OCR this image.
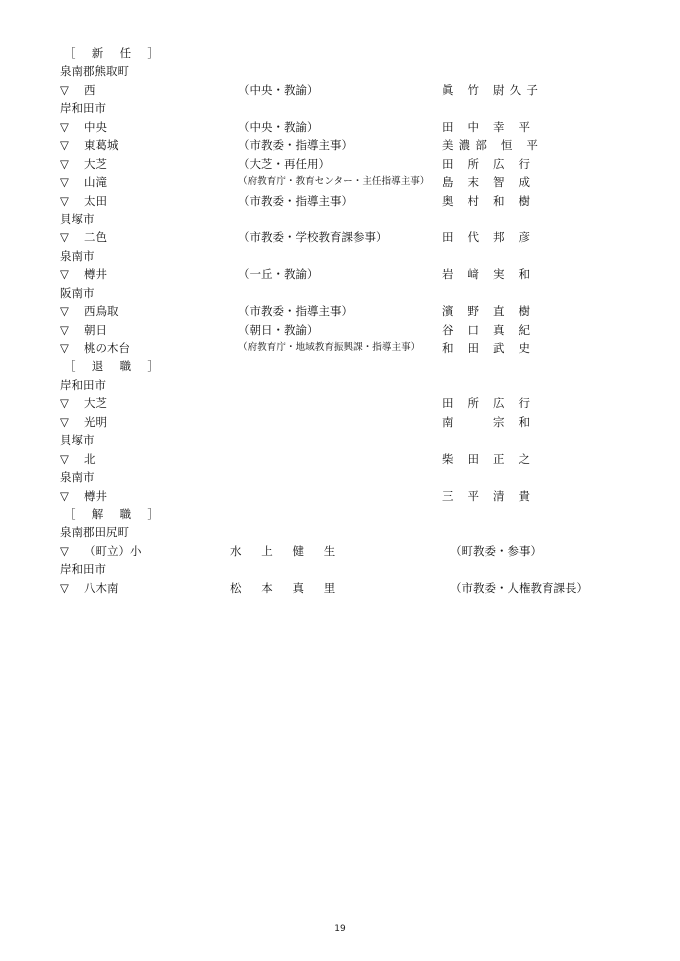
［ 新 任 ］
泉南郡熊取町
▽ 西	（中央・教諭）	眞 竹 尉久子
岸和田市
▽ 中央	（中央・教諭）	田 中 幸 平
▽ 東葛城	（市教委・指導主事）	美濃部 恒 平
▽ 大芝	（大芝・再任用）	田 所 広 行
▽ 山滝	（府教育庁・教育センター・主任指導主事） 島 末 智 成
▽ 太田	（市教委・指導主事）	奥 村 和 樹
貝塚市
▽ 二色	（市教委・学校教育課参事）	田 代 邦 彦
泉南市
▽ 樽井	（一丘・教諭）	岩 﨑 実 和
阪南市
▽ 西鳥取	（市教委・指導主事）	濱 野 直 樹
▽ 朝日	（朝日・教諭）	谷 口 真 紀
▽ 桃の木台	（府教育庁・地域教育振興課・指導主事） 和 田 武 史
［ 退 職 ］
岸和田市
▽ 大芝	田 所 広 行
▽ 光明	南 　 宗 和
貝塚市
▽ 北	柴 田 正 之
泉南市
▽ 樽井	三 平 清 貴
［ 解 職 ］
泉南郡田尻町
▽ （町立）小	水 上 健 生	（町教委・参事）
岸和田市
▽ 八木南	松 本 真 里	（市教委・人権教育課長）
19
